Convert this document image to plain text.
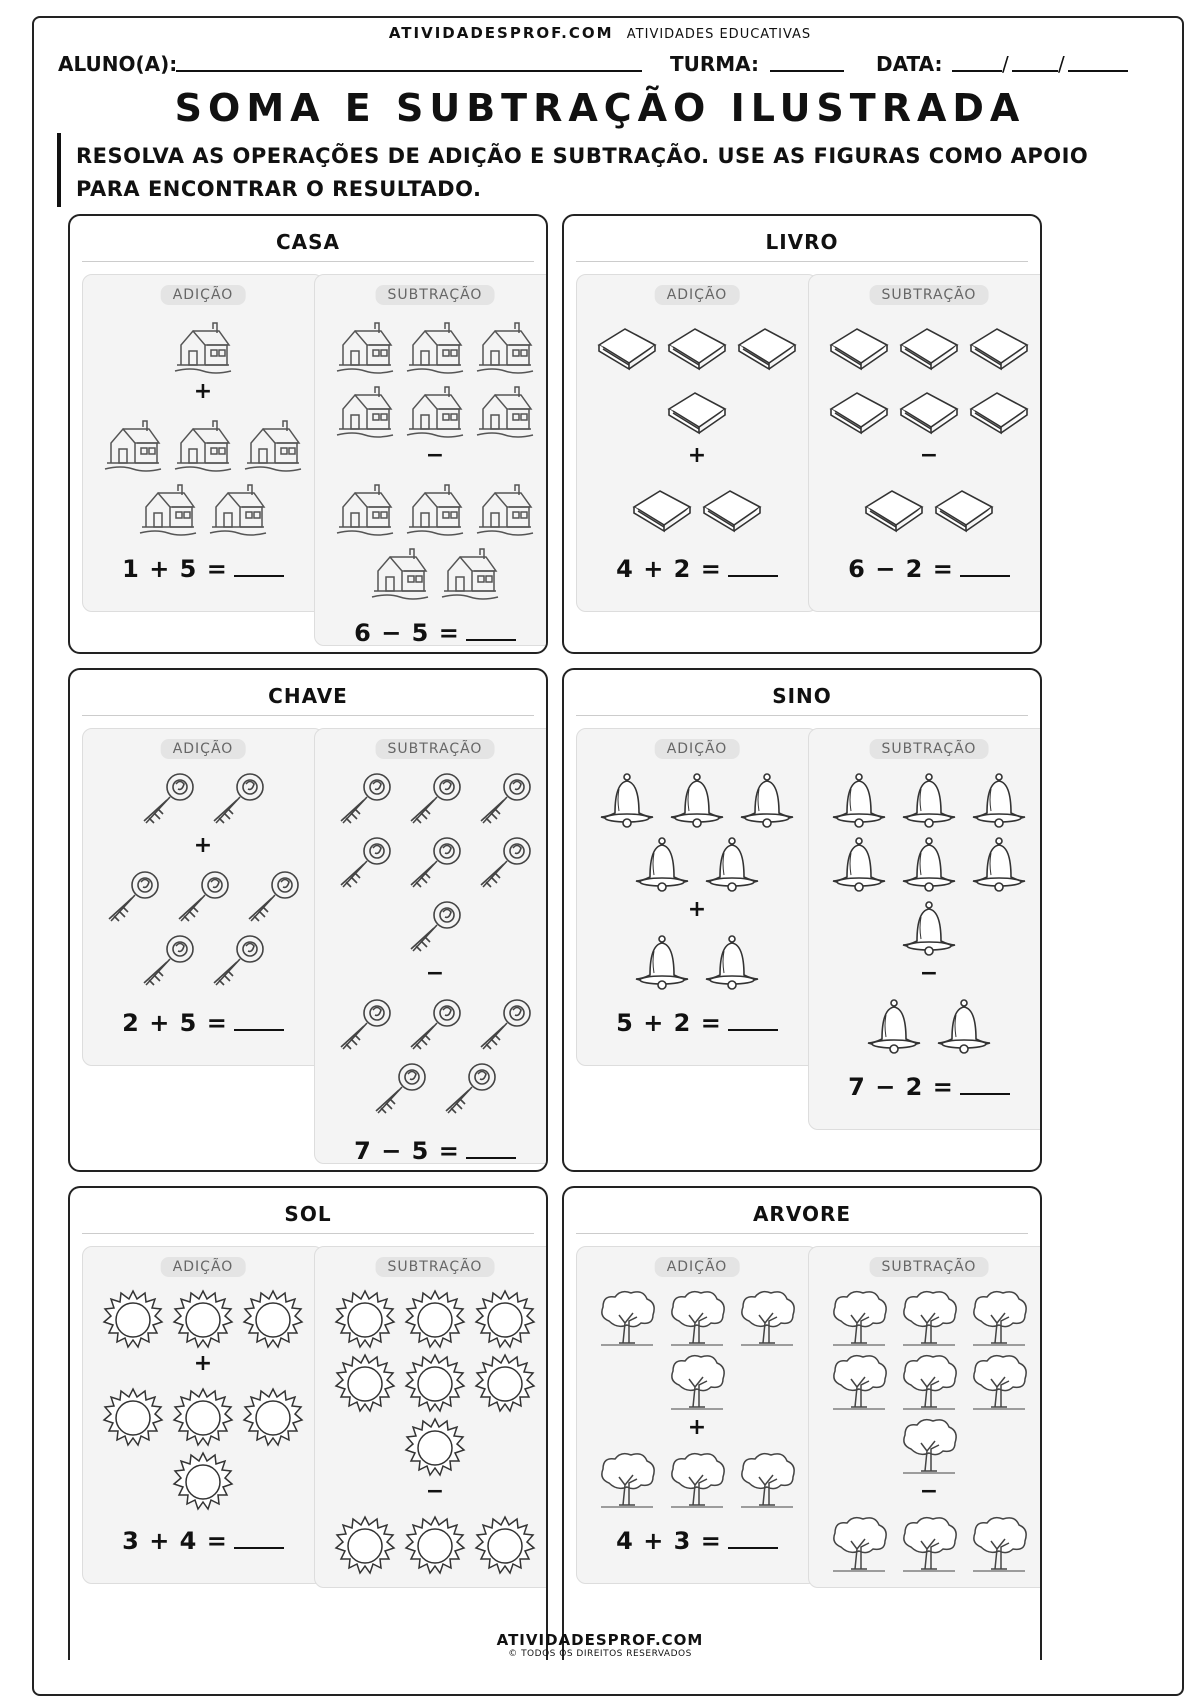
ATIVIDADESPROF.COM ATIVIDADES EDUCATIVAS
ALUNO(A):	TURMA:	DATA:	/ /
SOMA E SUBTRAÇÃO ILUSTRADA
RESOLVA AS OPERAÇÕES DE ADIÇÃO E SUBTRAÇÃO. USE AS FIGURAS COMO APOIO PARA ENCONTRAR O RESULTADO.
CASA
ADIÇÃO
+
1 + 5 =
SUBTRAÇÃO
−
6 − 5 =
LIVRO
ADIÇÃO
+
4 + 2 =
SUBTRAÇÃO
−
6 − 2 =
CHAVE
ADIÇÃO
+
2 + 5 =
SUBTRAÇÃO
−
7 − 5 =
SINO
ADIÇÃO
+
5 + 2 =
SUBTRAÇÃO
−
7 − 2 =
SOL
ADIÇÃO
+
3 + 4 =
SUBTRAÇÃO
−
ARVORE
ADIÇÃO
+
4 + 3 =
SUBTRAÇÃO
−
ATIVIDADESPROF.COM
© TODOS OS DIREITOS RESERVADOS
